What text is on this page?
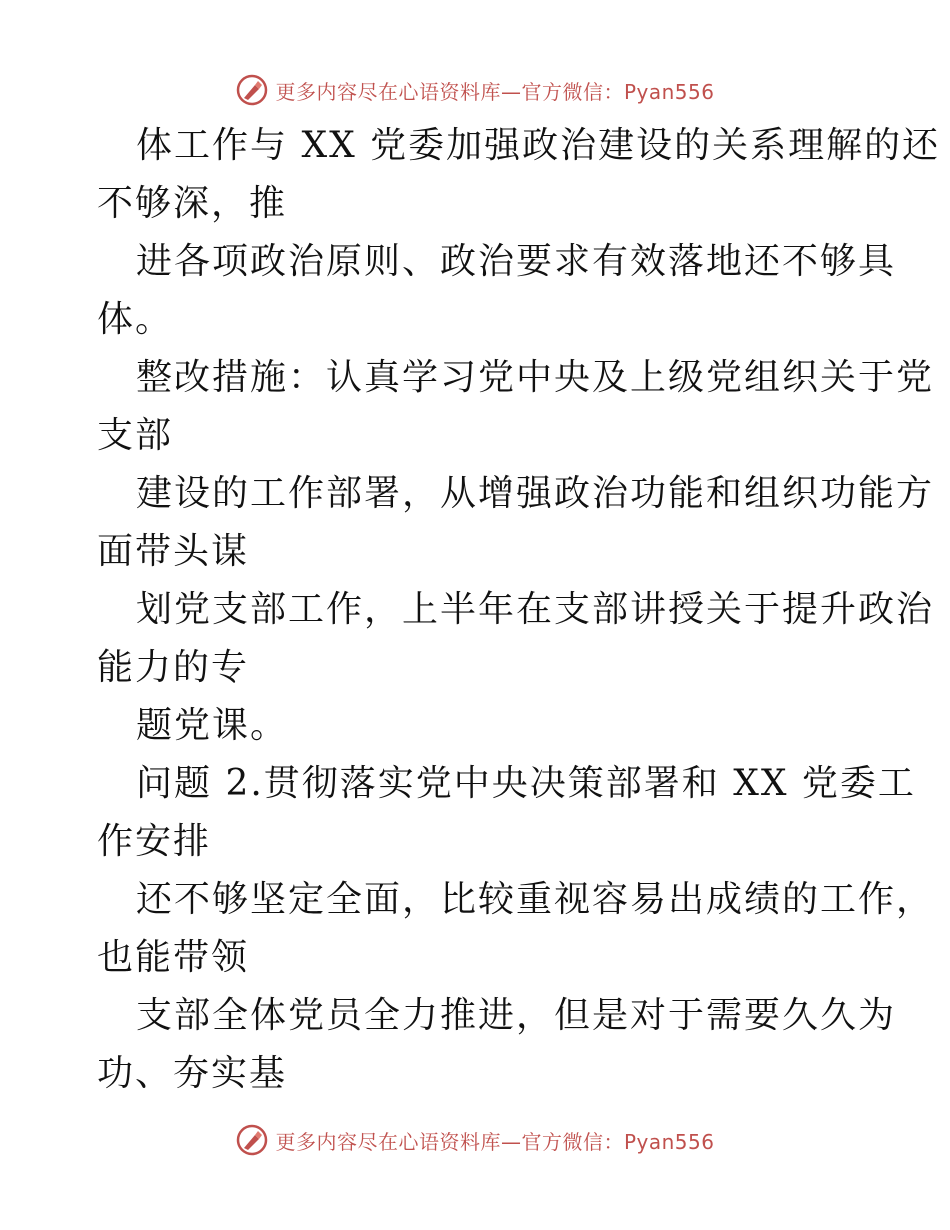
更多内容尽在心语资料库—官方微信：Pyan556
体工作与 XX 党委加强政治建设的关系理解的还
不够深，推
进各项政治原则、政治要求有效落地还不够具
体。
整改措施：认真学习党中央及上级党组织关于党
支部
建设的工作部署，从增强政治功能和组织功能方
面带头谋
划党支部工作，上半年在支部讲授关于提升政治
能力的专
题党课。
问题 2.贯彻落实党中央决策部署和 XX 党委工
作安排
还不够坚定全面，比较重视容易出成绩的工作，
也能带领
支部全体党员全力推进，但是对于需要久久为
功、夯实基
更多内容尽在心语资料库—官方微信：Pyan556
